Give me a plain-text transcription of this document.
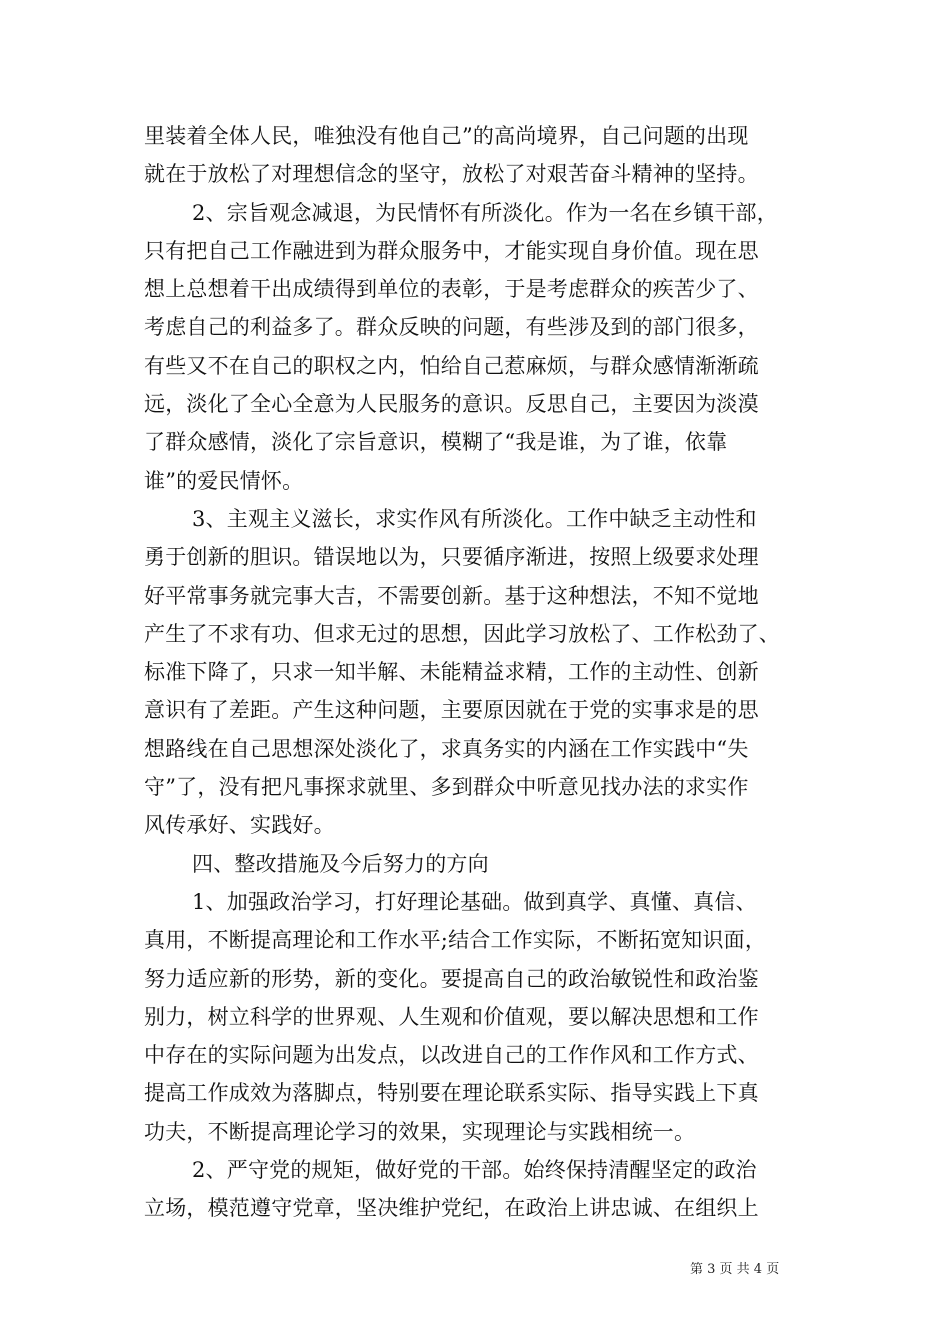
里装着全体人民，唯独没有他自己”的高尚境界，自己问题的出现
就在于放松了对理想信念的坚守，放松了对艰苦奋斗精神的坚持。
2、宗旨观念减退，为民情怀有所淡化。作为一名在乡镇干部，
只有把自己工作融进到为群众服务中，才能实现自身价值。现在思
想上总想着干出成绩得到单位的表彰，于是考虑群众的疾苦少了、
考虑自己的利益多了。群众反映的问题，有些涉及到的部门很多，
有些又不在自己的职权之内，怕给自己惹麻烦，与群众感情渐渐疏
远，淡化了全心全意为人民服务的意识。反思自己，主要因为淡漠
了群众感情，淡化了宗旨意识，模糊了“我是谁，为了谁，依靠
谁”的爱民情怀。
3、主观主义滋长，求实作风有所淡化。工作中缺乏主动性和
勇于创新的胆识。错误地以为，只要循序渐进，按照上级要求处理
好平常事务就完事大吉，不需要创新。基于这种想法，不知不觉地
产生了不求有功、但求无过的思想，因此学习放松了、工作松劲了、
标准下降了，只求一知半解、未能精益求精，工作的主动性、创新
意识有了差距。产生这种问题，主要原因就在于党的实事求是的思
想路线在自己思想深处淡化了，求真务实的内涵在工作实践中“失
守”了，没有把凡事探求就里、多到群众中听意见找办法的求实作
风传承好、实践好。
四、整改措施及今后努力的方向
1、加强政治学习，打好理论基础。做到真学、真懂、真信、
真用，不断提高理论和工作水平;结合工作实际，不断拓宽知识面，
努力适应新的形势，新的变化。要提高自己的政治敏锐性和政治鉴
别力，树立科学的世界观、人生观和价值观，要以解决思想和工作
中存在的实际问题为出发点，以改进自己的工作作风和工作方式、
提高工作成效为落脚点，特别要在理论联系实际、指导实践上下真
功夫，不断提高理论学习的效果，实现理论与实践相统一。
2、严守党的规矩，做好党的干部。始终保持清醒坚定的政治
立场，模范遵守党章，坚决维护党纪，在政治上讲忠诚、在组织上
第 3 页 共 4 页
